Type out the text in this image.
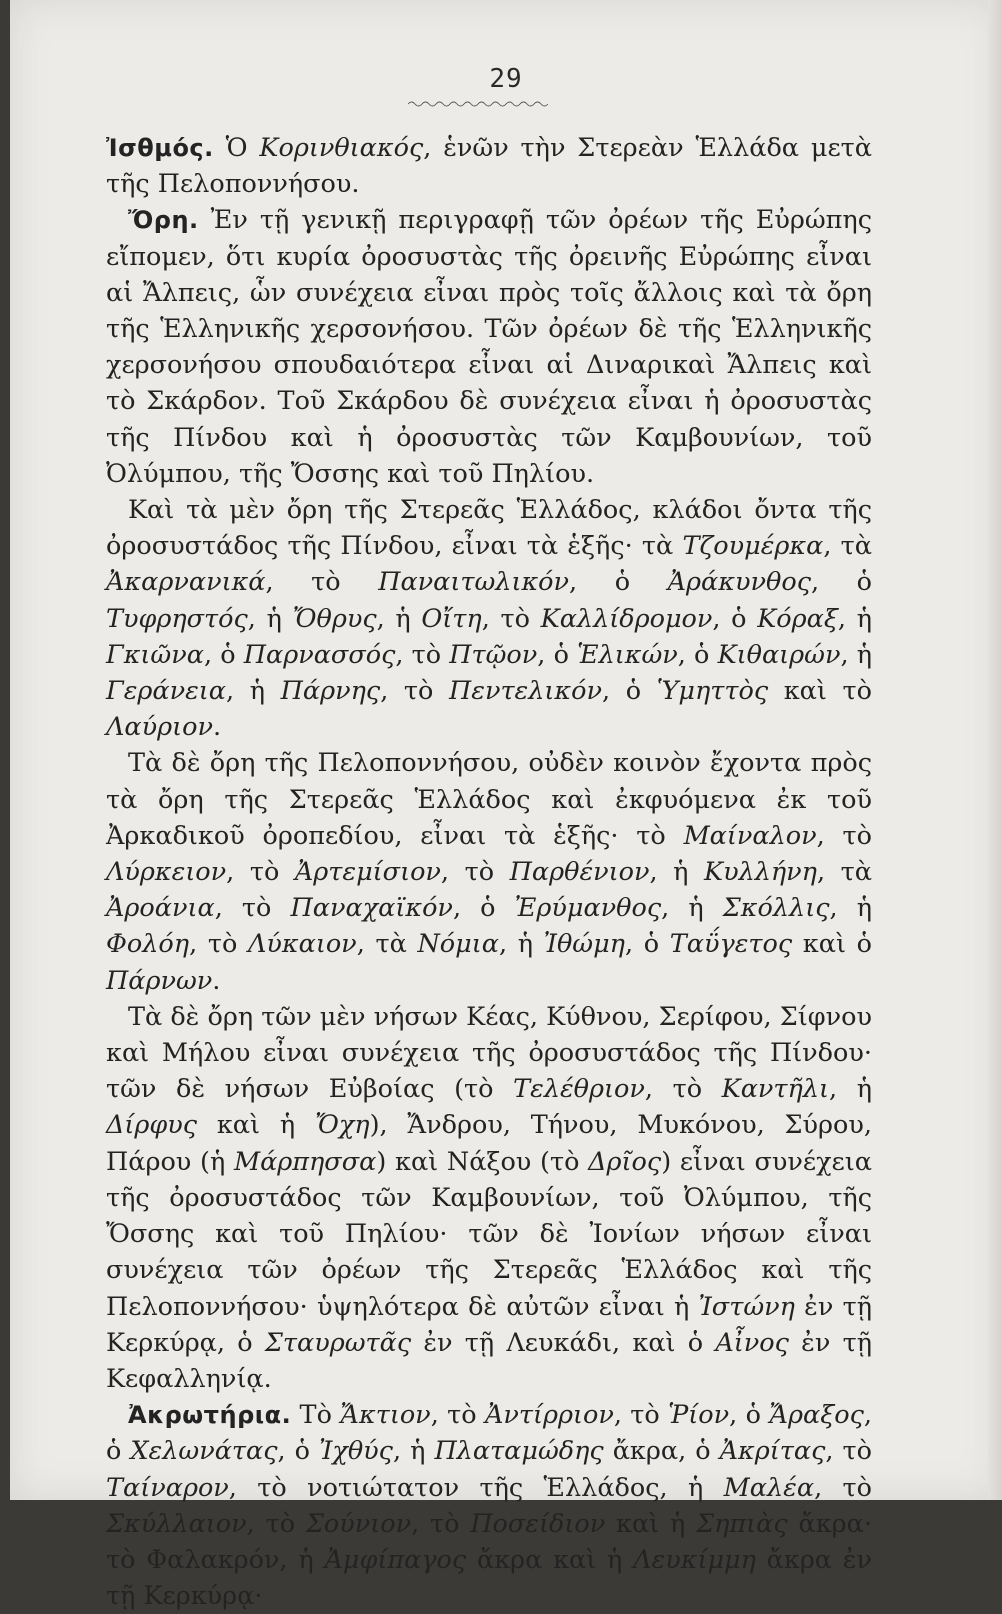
29

Ἰσθμός. Ὁ Κορινθιακός, ἑνῶν τὴν Στερεὰν Ἑλλάδα μετὰ τῆς Πελοποννήσου.

Ὄρη. Ἐν τῇ γενικῇ περιγραφῇ τῶν ὀρέων τῆς Εὐρώπης εἴπομεν, ὅτι κυρία ὀροσυστὰς τῆς ὀρεινῆς Εὐρώπης εἶναι αἱ Ἄλπεις, ὧν συνέχεια εἶναι πρὸς τοῖς ἄλλοις καὶ τὰ ὄρη τῆς Ἑλληνικῆς χερσονήσου. Τῶν ὀρέων δὲ τῆς Ἑλληνικῆς χερσονήσου σπουδαιότερα εἶναι αἱ Διναρικαὶ Ἄλπεις καὶ τὸ Σκάρδον. Τοῦ Σκάρδου δὲ συνέχεια εἶναι ἡ ὀροσυστὰς τῆς Πίνδου καὶ ἡ ὀροσυστὰς τῶν Καμβουνίων, τοῦ Ὀλύμπου, τῆς Ὄσσης καὶ τοῦ Πηλίου.

Καὶ τὰ μὲν ὄρη τῆς Στερεᾶς Ἑλλάδος, κλάδοι ὄντα τῆς ὀροσυστάδος τῆς Πίνδου, εἶναι τὰ ἑξῆς· τὰ Τζουμέρκα, τὰ Ἀκαρνανικά, τὸ Παναιτωλικόν, ὁ Ἀράκυνθος, ὁ Τυφρηστός, ἡ Ὄθρυς, ἡ Οἴτη, τὸ Καλλίδρομον, ὁ Κόραξ, ἡ Γκιῶνα, ὁ Παρνασσός, τὸ Πτῷον, ὁ Ἑλικών, ὁ Κιθαιρών, ἡ Γεράνεια, ἡ Πάρνης, τὸ Πεντελικόν, ὁ Ὑμηττὸς καὶ τὸ Λαύριον.

Τὰ δὲ ὄρη τῆς Πελοποννήσου, οὐδὲν κοινὸν ἔχοντα πρὸς τὰ ὄρη τῆς Στερεᾶς Ἑλλάδος καὶ ἐκφυόμενα ἐκ τοῦ Ἀρκαδικοῦ ὀροπεδίου, εἶναι τὰ ἑξῆς· τὸ Μαίναλον, τὸ Λύρκειον, τὸ Ἀρτεμίσιον, τὸ Παρθένιον, ἡ Κυλλήνη, τὰ Ἀροάνια, τὸ Παναχαϊκόν, ὁ Ἐρύμανθος, ἡ Σκόλλις, ἡ Φολόη, τὸ Λύκαιον, τὰ Νόμια, ἡ Ἰθώμη, ὁ Ταΰγετος καὶ ὁ Πάρνων.

Τὰ δὲ ὄρη τῶν μὲν νήσων Κέας, Κύθνου, Σερίφου, Σίφνου καὶ Μήλου εἶναι συνέχεια τῆς ὀροσυστάδος τῆς Πίνδου· τῶν δὲ νήσων Εὐβοίας (τὸ Τελέθριον, τὸ Καντῆλι, ἡ Δίρφυς καὶ ἡ Ὄχη), Ἄνδρου, Τήνου, Μυκόνου, Σύρου, Πάρου (ἡ Μάρπησσα) καὶ Νάξου (τὸ Δρῖος) εἶναι συνέχεια τῆς ὀροσυστάδος τῶν Καμβουνίων, τοῦ Ὀλύμπου, τῆς Ὄσσης καὶ τοῦ Πηλίου· τῶν δὲ Ἰονίων νήσων εἶναι συνέχεια τῶν ὀρέων τῆς Στερεᾶς Ἑλλάδος καὶ τῆς Πελοποννήσου· ὑψηλότερα δὲ αὐτῶν εἶναι ἡ Ἰστώνη ἐν τῇ Κερκύρᾳ, ὁ Σταυρωτᾶς ἐν τῇ Λευκάδι, καὶ ὁ Αἶνος ἐν τῇ Κεφαλληνίᾳ.

Ἀκρωτήρια. Τὸ Ἄκτιον, τὸ Ἀντίρριον, τὸ Ῥίον, ὁ Ἄραξος, ὁ Χελωνάτας, ὁ Ἰχθύς, ἡ Πλαταμώδης ἄκρα, ὁ Ἀκρίτας, τὸ Ταίναρον, τὸ νοτιώτατον τῆς Ἑλλάδος, ἡ Μαλέα, τὸ Σκύλλαιον, τὸ Σούνιον, τὸ Ποσείδιον καὶ ἡ Σηπιὰς ἄκρα· τὸ Φαλακρόν, ἡ Ἀμφίπαγος ἄκρα καὶ ἡ Λευκίμμη ἄκρα ἐν τῇ Κερκύρᾳ·
